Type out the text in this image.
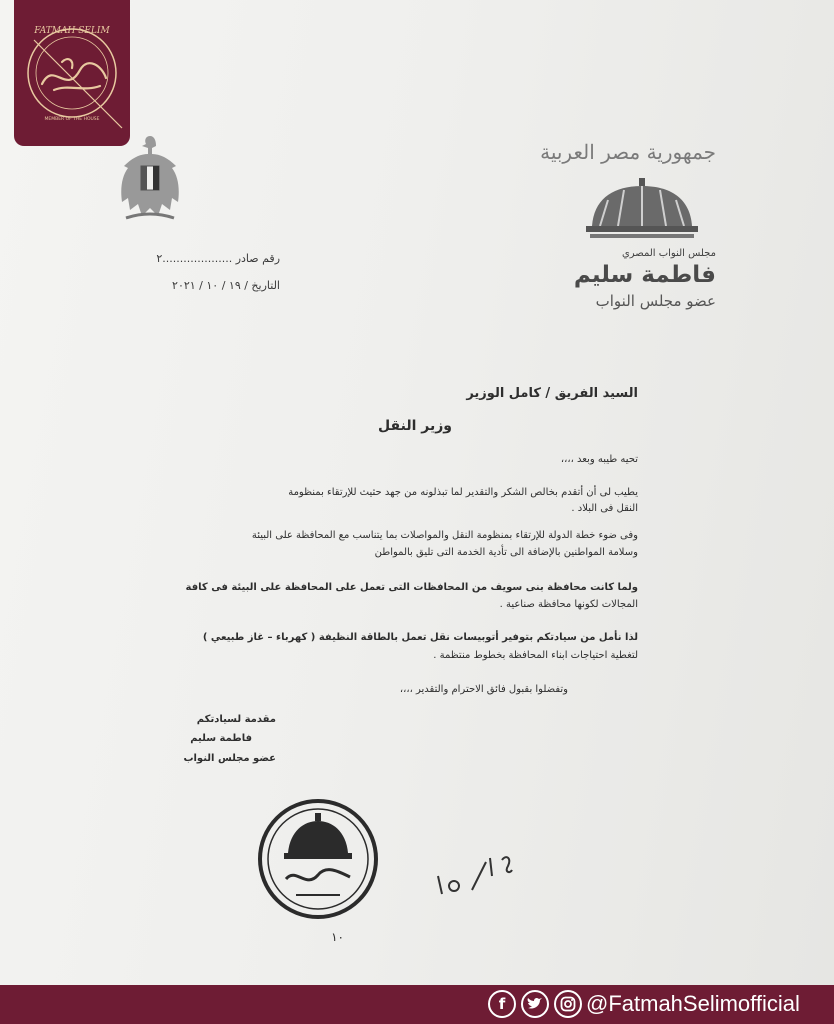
FATMAH SELIM
MEMBER OF THE HOUSE
رقم صادر ....................٢
التاريخ / ١٩ / ١٠ / ٢٠٢١
جمهورية مصر العربية
مجلس النواب المصري
فاطمة سليم
عضو مجلس النواب
السيد الفريق / كامل الوزير
وزير النقل
تحيه طيبه وبعد ،،،،
يطيب لى أن أتقدم بخالص الشكر والتقدير لما تبذلونه من جهد حثيث للإرتقاء بمنظومة
النقل فى البلاد .
وفى ضوء خطة الدولة للإرتقاء بمنظومة النقل والمواصلات بما يتناسب مع المحافظة على البيئة
وسلامة المواطنين بالإضافة الى تأدية الخدمة التى تليق بالمواطن
ولما كانت محافظة بنى سويف من المحافظات التى تعمل على المحافظة على البيئة فى كافة
المجالات لكونها محافظة صناعية .
لذا نأمل من سيادتكم بتوفير أتوبيسات نقل تعمل بالطاقة النظيفة ( كهرباء – غاز طبيعي )
لتغطية احتياجات ابناء المحافظة بخطوط منتظمة .
وتفضلوا بقبول فائق الاحترام والتقدير ،،،،
مقدمة لسيادتكم
فاطمة سليم
عضو مجلس النواب
١٠
f	@FatmahSelimofficial
